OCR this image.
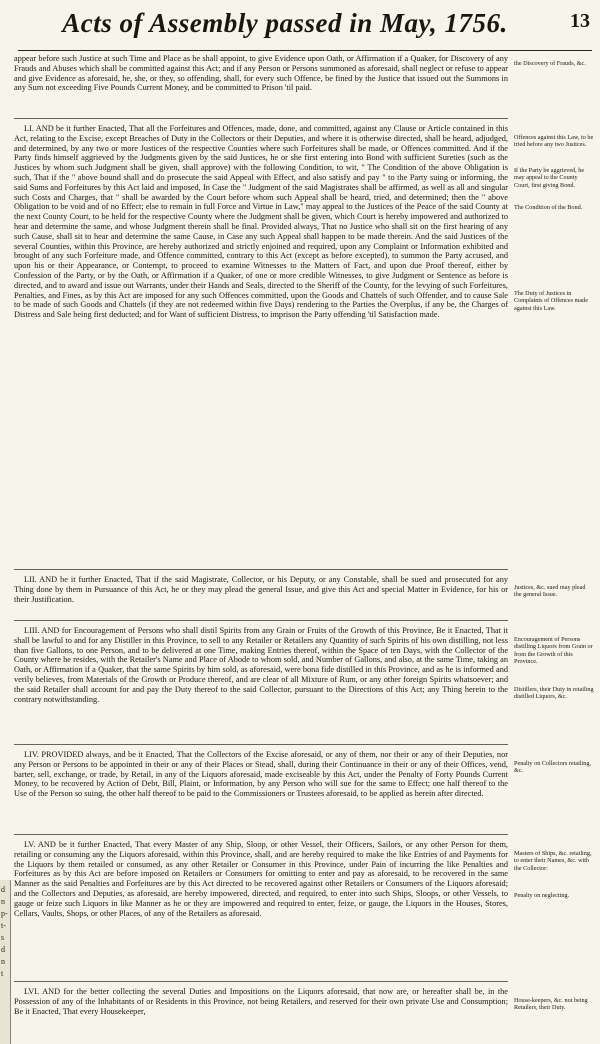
Acts of Assembly passed in May, 1756.	13

appear before such Justice at such Time and Place as he shall appoint, to give Evidence upon Oath, or Affirmation if a Quaker, for Discovery of any Frauds and Abuses which shall be committed against this Act; and if any Person or Persons summoned as aforesaid, shall neglect or refuse to appear and give Evidence as aforesaid, he, she, or they, so offending, shall, for every such Offence, be fined by the Justice that issued out the Summons in any Sum not exceeding Five Pounds Current Money, and be committed to Prison 'til paid.

LI. AND be it further Enacted, That all the Forfeitures and Offences, made, done, and committed, against any Clause or Article contained in this Act, relating to the Excise, except Breaches of Duty in the Collectors or their Deputies, and where it is otherwise directed, shall be heard, adjudged, and determined, by any two or more Justices of the respective Counties where such Forfeitures shall be made, or Offences committed. And if the Party finds himself aggrieved by the Judgments given by the said Justices, he or she first entering into Bond with sufficient Sureties (such as the Justices by whom such Judgment shall be given, shall approve) with the following Condition, to wit, " The Condition of the above Obligation is such, That if the " above bound shall and do prosecute the said Appeal with Effect, and also satisfy and pay " to the Party suing or informing, the said Sums and Forfeitures by this Act laid and imposed, In Case the " Judgment of the said Magistrates shall be affirmed, as well as all and singular such Costs and Charges, that " shall be awarded by the Court before whom such Appeal shall be heard, tried, and determined; then the " above Obligation to be void and of no Effect; else to remain in full Force and Virtue in Law," may appeal to the Justices of the Peace of the said County at the next County Court, to be held for the respective County where the Judgment shall be given, which Court is hereby impowered and authorized to hear and determine the same, and whose Judgment therein shall be final. Provided always, That no Justice who shall sit on the first hearing of any such Cause, shall sit to hear and determine the same Cause, in Case any such Appeal shall happen to be made therein. And the said Justices of the several Counties, within this Province, are hereby authorized and strictly enjoined and required, upon any Complaint or Information exhibited and brought of any such Forfeiture made, and Offence committed, contrary to this Act (except as before excepted), to summon the Party accused, and upon his or their Appearance, or Contempt, to proceed to examine Witnesses to the Matters of Fact, and upon due Proof thereof, either by Confession of the Party, or by the Oath, or Affirmation if a Quaker, of one or more credible Witnesses, to give Judgment or Sentence as before is directed, and to award and issue out Warrants, under their Hands and Seals, directed to the Sheriff of the County, for the levying of such Forfeitures, Penalties, and Fines, as by this Act are imposed for any such Offences committed, upon the Goods and Chattels of such Offender, and to cause Sale to be made of such Goods and Chattels (if they are not redeemed within five Days) rendering to the Parties the Overplus, if any be, the Charges of Distress and Sale being first deducted; and for Want of sufficient Distress, to imprison the Party offending 'til Satisfaction made.

LII. AND be it further Enacted, That if the said Magistrate, Collector, or his Deputy, or any Constable, shall be sued and prosecuted for any Thing done by them in Pursuance of this Act, he or they may plead the general Issue, and give this Act and special Matter in Evidence, for his or their Justification.

LIII. AND for Encouragement of Persons who shall distil Spirits from any Grain or Fruits of the Growth of this Province, Be it Enacted, That it shall be lawful to and for any Distiller in this Province, to sell to any Retailer or Retailers any Quantity of such Spirits of his own distilling, not less than five Gallons, to one Person, and to be delivered at one Time, making Entries thereof, within the Space of ten Days, with the Collector of the County where he resides, with the Retailer's Name and Place of Abode to whom sold, and Number of Gallons, and also, at the same Time, taking an Oath, or Affirmation if a Quaker, that the same Spirits by him sold, as aforesaid, were bona fide distilled in this Province, and as he is informed and verily believes, from Materials of the Growth or Produce thereof, and are clear of all Mixture of Rum, or any other foreign Spirits whatsoever; and the said Retailer shall account for and pay the Duty thereof to the said Collector, pursuant to the Directions of this Act; any Thing herein to the contrary notwithstanding.

LIV. PROVIDED always, and be it Enacted, That the Collectors of the Excise aforesaid, or any of them, nor their or any of their Deputies, nor any Person or Persons to be appointed in their or any of their Places or Stead, shall, during their Continuance in their or any of their Offices, vend, barter, sell, exchange, or trade, by Retail, in any of the Liquors aforesaid, made exciseable by this Act, under the Penalty of Forty Pounds Current Money, to be recovered by Action of Debt, Bill, Plaint, or Information, by any Person who will sue for the same to Effect; one half thereof to the Use of the Person so suing, the other half thereof to be paid to the Commissioners or Trustees aforesaid, to be applied as herein after directed.

LV. AND be it further Enacted, That every Master of any Ship, Sloop, or other Vessel, their Officers, Sailors, or any other Person for them, retailing or consuming any the Liquors aforesaid, within this Province, shall, and are hereby required to make the like Entries of and Payments for the Liquors by them retailed or consumed, as any other Retailer or Consumer in this Province, under Pain of incurring the like Penalties and Forfeitures as by this Act are before imposed on Retailers or Consumers for omitting to enter and pay as aforesaid, to be recovered in the same Manner as the said Penalties and Forfeitures are by this Act directed to be recovered against other Retailers or Consumers of the Liquors aforesaid; and the Collectors and Deputies, as aforesaid, are hereby impowered, directed, and required, to enter into such Ships, Sloops, or other Vessels, to gauge or feize such Liquors in like Manner as he or they are impowered and required to enter, feize, or gauge, the Liquors in the Houses, Stores, Cellars, Vaults, Shops, or other Places, of any of the Retailers as aforesaid.

LVI. AND for the better collecting the several Duties and Impositions on the Liquors aforesaid, that now are, or hereafter shall be, in the Possession of any of the Inhabitants of or Residents in this Province, not being Retailers, and reserved for their own private Use and Consumption; Be it Enacted, That every Housekeeper,

the Discovery of Frauds, &c.

Offences against this Law, to be tried before any two Justices.

If the Party be aggrieved, he may appeal to the County Court, first giving Bond.

The Condition of the Bond.

The Duty of Justices in Complaints of Offences made against this Law.

Justices, &c. sued may plead the general Issue.

Encouragement of Persons distilling Liquors from Grain or from the Growth of this Province.

Distillers, their Duty in retailing distilled Liquors, &c.

Penalty on Collectors retailing, &c.

Masters of Ships, &c. retailing, to enter their Names, &c. with the Collector:

Penalty on neglecting.

House-keepers, &c. not being Retailers, their Duty.

d
n
p-
t-
s
d
n
t
